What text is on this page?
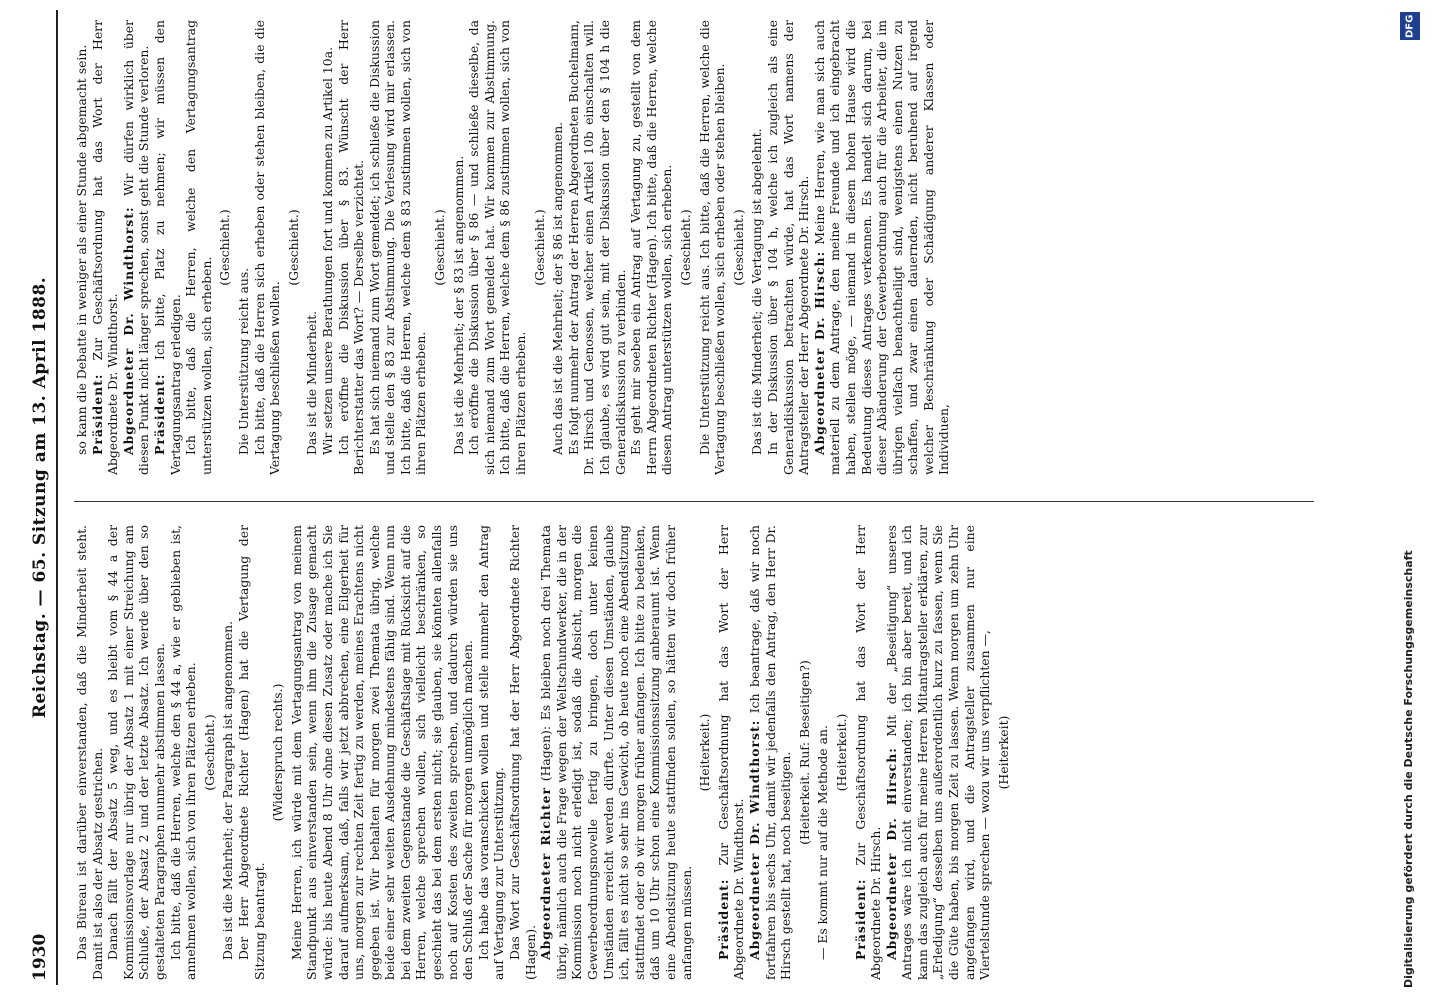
1930
Reichstag. — 65. Sitzung am 13. April 1888.

Das Büreau ist darüber einverstanden, daß die Minderheit steht. Damit ist also der Absatz gestrichen. Danach fällt der Absatz 5 weg, und es bleibt vom § 44 a der Kommissionsvorlage nur übrig der Absatz 1 mit einer Streichung am Schluße, der Absatz 2 und der letzte Absatz. Ich werde über den so gestalteten Paragraphen nunmehr abstimmen lassen. Ich bitte, daß die Herren, welche den § 44 a, wie er geblieben ist, annehmen wollen, sich von ihren Plätzen erheben. (Geschieht.) Das ist die Mehrheit; der Paragraph ist angenommen. Der Herr Abgeordnete Richter (Hagen) hat die Vertagung der Sitzung beantragt.

(Widerspruch rechts.) Meine Herren, ich würde mit dem Vertagungsantrag von meinem Standpunkt aus einverstanden sein, wenn ihm die Zusage gemacht würde: bis heute Abend 8 Uhr ohne diesen Zusatz oder mache ich Sie darauf aufmerksam, daß, falls wir jetzt abbrechen, eine Eilgerheit für uns, morgen zur rechten Zeit fertig zu werden, meines Erachtens nicht gegeben ist. Wir behalten für morgen zwei Themata übrig, welche beide einer sehr weiten Ausdehnung mindestens fähig sind. Wenn nun bei dem zweiten Gegenstande die Geschäftslage mit Rücksicht auf die Herren, welche sprechen wollen, sich vielleicht beschränken, so geschieht das bei dem ersten nicht; sie glauben, sie könnten allenfalls noch auf Kosten des zweiten sprechen, und dadurch würden sie uns den Schluß der Sache für morgen unmöglich machen. Ich habe das voranschicken wollen und stelle nunmehr den Antrag auf Vertagung zur Unterstützung. Das Wort zur Geschäftsordnung hat der Herr Abgeordnete Richter (Hagen). Abgeordneter Richter (Hagen): Es bleiben noch drei Themata übrig, nämlich auch die Frage wegen der Weltschundwerker, die in der Kommission noch nicht erledigt ist, sodaß die Absicht, morgen die Gewerbeordnungsnovelle fertig zu bringen, doch unter keinen Umständen erreicht werden dürfte. Unter diesen Umständen, glaube ich, fällt es nicht so sehr ins Gewicht, ob heute noch eine Abendsitzung stattfindet oder ob wir morgen früher anfangen. Ich bitte zu bedenken, daß um 10 Uhr schon eine Kommissionssitzung anberaumt ist. Wenn eine Abendsitzung heute stattfinden sollen, so hätten wir doch früher anfangen müssen.

(Heiterkeit.)

Präsident: Zur Geschäftsordnung hat das Wort der Herr Abgeordnete Dr. Windthorst. Abgeordneter Dr. Windthorst: Ich beantrage, daß wir noch fortfahren bis sechs Uhr, damit wir jedenfalls den Antrag, den Herr Dr. Hirsch gestellt hat, noch beseitigen. (Heiterkeit. Ruf: Beseitigen?) — Es kommt nur auf die Methode an. (Heiterkeit.)

Präsident: Zur Geschäftsordnung hat das Wort der Herr Abgeordnete Dr. Hirsch. Abgeordneter Dr. Hirsch: Mit der „Beseitigung“ unseres Antrages wäre ich nicht einverstanden; ich bin aber bereit, und ich kann das zugleich auch für meine Herren Mitantragsteller erklären, zur „Erledigung“ desselben uns außerordentlich kurz zu fassen, wenn Sie die Güte haben, bis morgen Zeit zu lassen. Wenn morgen um zehn Uhr angefangen wird, und die Antragsteller zusammen nur eine Viertelstunde sprechen — wozu wir uns verpflichten —, (Heiterkeit)

so kann die Debatte in weniger als einer Stunde abgemacht sein. Präsident: Zur Geschäftsordnung hat das Wort der Herr Abgeordnete Dr. Windthorst. Abgeordneter Dr. Windthorst: Wir dürfen wirklich über diesen Punkt nicht länger sprechen, sonst geht die Stunde verloren. Präsident: Ich bitte, Platz zu nehmen; wir müssen den Vertagungsantrag erledigen. Ich bitte, daß die Herren, welche den Vertagungsantrag unterstützen wollen, sich erheben.

(Geschieht.)

Die Unterstützung reicht aus. Ich bitte, daß die Herren sich erheben oder stehen bleiben, die die Vertagung beschließen wollen.

(Geschieht.)

Das ist die Minderheit. Wir setzen unsere Berathungen fort und kommen zu Artikel 10a. Ich eröffne die Diskussion über § 83. Wünscht der Herr Berichterstatter das Wort? — Derselbe verzichtet. Es hat sich niemand zum Wort gemeldet; ich schließe die Diskussion und stelle den § 83 zur Abstimmung. Die Verlesung wird mir erlassen. Ich bitte, daß die Herren, welche dem § 83 zustimmen wollen, sich von ihren Plätzen erheben.

(Geschieht.) Das ist die Mehrheit; der § 83 ist angenommen. Ich eröffne die Diskussion über § 86 — und schließe dieselbe, da sich niemand zum Wort gemeldet hat. Wir kommen zur Abstimmung. Ich bitte, daß die Herren, welche dem § 86 zustimmen wollen, sich von ihren Plätzen erheben.

(Geschieht.) Auch das ist die Mehrheit; der § 86 ist angenommen. Es folgt nunmehr der Antrag der Herren Abgeordneten Buchelmann, Dr. Hirsch und Genossen, welcher einen Artikel 10b einschalten will. Ich glaube, es wird gut sein, mit der Diskussion über den § 104 h die Generaldiskussion zu verbinden. Es geht mir soeben ein Antrag auf Vertagung zu, gestellt von dem Herrn Abgeordneten Richter (Hagen). Ich bitte, daß die Herren, welche diesen Antrag unterstützen wollen, sich erheben. (Geschieht.) Die Unterstützung reicht aus. Ich bitte, daß die Herren, welche die Vertagung beschließen wollen, sich erheben oder stehen bleiben. (Geschieht.) Das ist die Minderheit; die Vertagung ist abgelehnt. In der Diskussion über § 104 h, welche ich zugleich als eine Generaldiskussion betrachten würde, hat das Wort namens der Antragsteller der Herr Abgeordnete Dr. Hirsch. Abgeordneter Dr. Hirsch: Meine Herren, wie man sich auch materiell zu dem Antrage, den meine Freunde und ich eingebracht haben, stellen möge, — niemand in diesem hohen Hause wird die Bedeutung dieses Antrages verkennen. Es handelt sich darum, bei dieser Abänderung der Gewerbeordnung auch für die Arbeiter, die im übrigen vielfach benachtheiligt sind, wenigstens einen Nutzen zu schaffen, und zwar einen dauernden, nicht beruhend auf irgend welcher Beschränkung oder Schädigung anderer Klassen oder Individuen,

DFG
Digitalisierung gefördert durch die Deutsche Forschungsgemeinschaft
